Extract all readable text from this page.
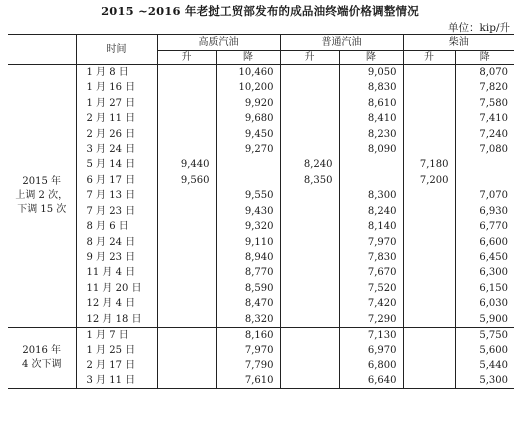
2015 ~2016 年老挝工贸部发布的成品油终端价格调整情况
单位：kip/升
	时间	高质汽油		普通汽油		柴油	
		升	降	升	降	升	降

2015 年
上调 2 次，
下调 15 次	1 月 8 日		10,460		9,050		8,070
	1 月 16 日		10,200		8,830		7,820
	1 月 27 日		9,920		8,610		7,580
	2 月 11 日		9,680		8,410		7,410
	2 月 26 日		9,450		8,230		7,240
	3 月 24 日		9,270		8,090		7,080
	5 月 14 日	9,440		8,240		7,180	
	6 月 17 日	9,560		8,350		7,200	
	7 月 13 日		9,550		8,300		7,070
	7 月 23 日		9,430		8,240		6,930
	8 月 6 日		9,320		8,140		6,770
	8 月 24 日		9,110		7,970		6,600
	9 月 23 日		8,940		7,830		6,450
	11 月 4 日		8,770		7,670		6,300
	11 月 20 日		8,590		7,520		6,150
	12 月 4 日		8,470		7,420		6,030
	12 月 18 日		8,320		7,290		5,900

2016 年
4 次下调	1 月 7 日		8,160		7,130		5,750
	1 月 25 日		7,970		6,970		5,600
	2 月 17 日		7,790		6,800		5,440
	3 月 11 日		7,610		6,640		5,300
